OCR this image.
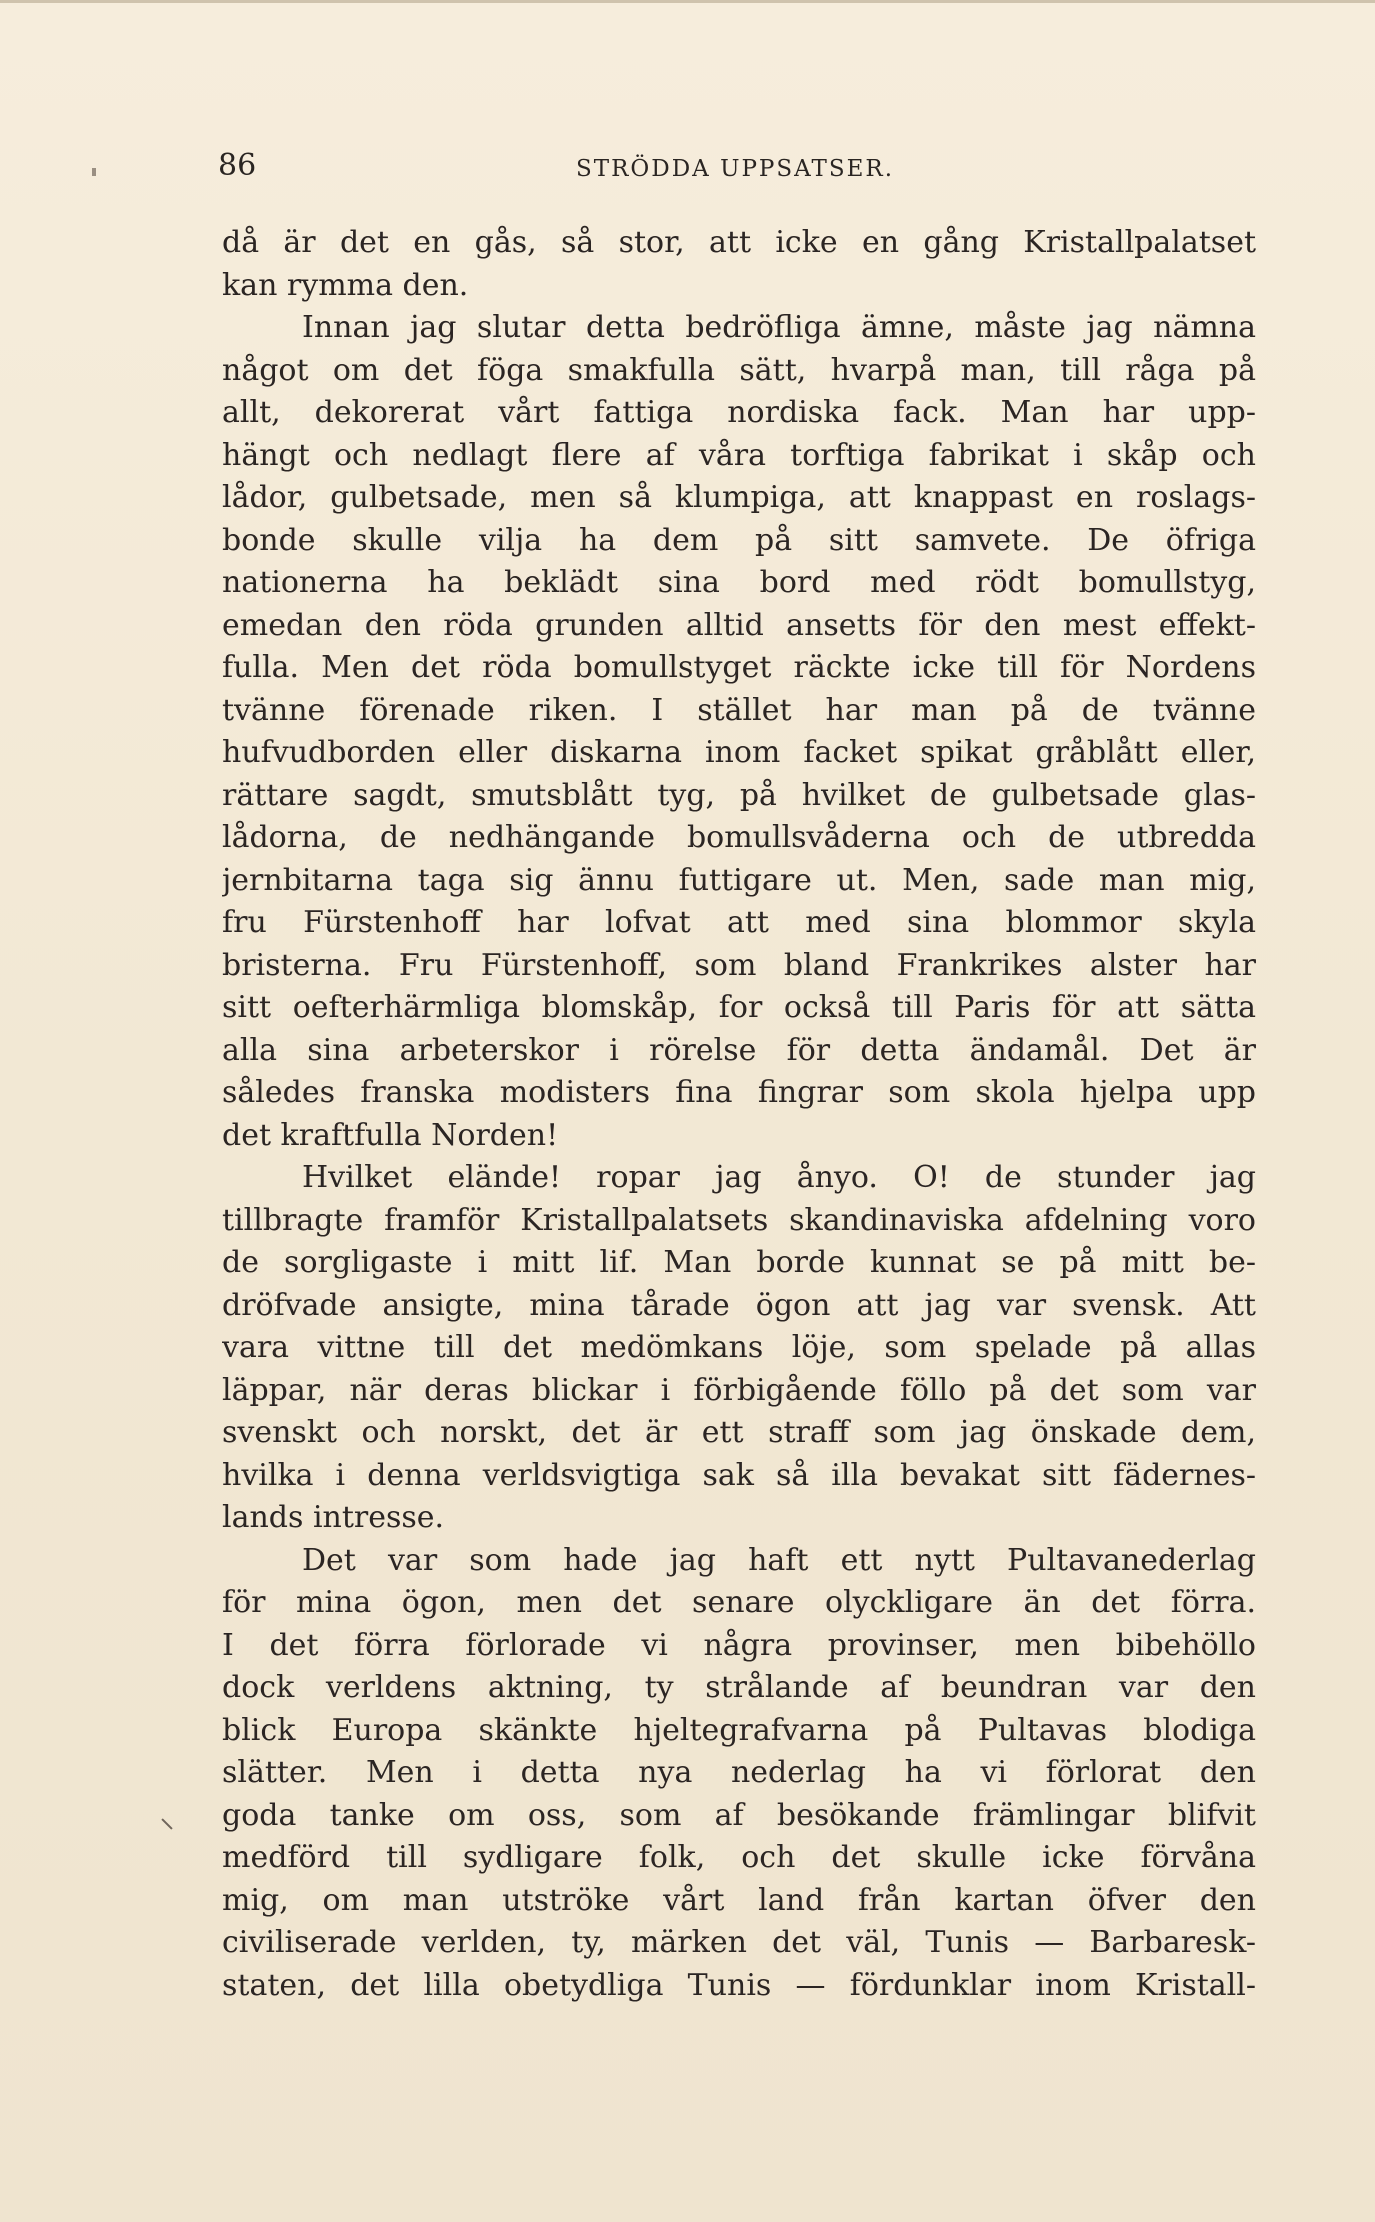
86	STRÖDDA UPPSATSER.
då är det en gås, så stor, att icke en gång Kristallpalatset
kan rymma den.
Innan jag slutar detta bedröfliga ämne, måste jag nämna
något om det föga smakfulla sätt, hvarpå man, till råga på
allt, dekorerat vårt fattiga nordiska fack. Man har upp-
hängt och nedlagt flere af våra torftiga fabrikat i skåp och
lådor, gulbetsade, men så klumpiga, att knappast en roslags-
bonde skulle vilja ha dem på sitt samvete. De öfriga
nationerna ha beklädt sina bord med rödt bomullstyg,
emedan den röda grunden alltid ansetts för den mest effekt-
fulla. Men det röda bomullstyget räckte icke till för Nordens
tvänne förenade riken. I stället har man på de tvänne
hufvudborden eller diskarna inom facket spikat gråblått eller,
rättare sagdt, smutsblått tyg, på hvilket de gulbetsade glas-
lådorna, de nedhängande bomullsvåderna och de utbredda
jernbitarna taga sig ännu futtigare ut. Men, sade man mig,
fru Fürstenhoff har lofvat att med sina blommor skyla
bristerna. Fru Fürstenhoff, som bland Frankrikes alster har
sitt oefterhärmliga blomskåp, for också till Paris för att sätta
alla sina arbeterskor i rörelse för detta ändamål. Det är
således franska modisters fina fingrar som skola hjelpa upp
det kraftfulla Norden!
Hvilket elände! ropar jag ånyo. O! de stunder jag
tillbragte framför Kristallpalatsets skandinaviska afdelning voro
de sorgligaste i mitt lif. Man borde kunnat se på mitt be-
dröfvade ansigte, mina tårade ögon att jag var svensk. Att
vara vittne till det medömkans löje, som spelade på allas
läppar, när deras blickar i förbigående föllo på det som var
svenskt och norskt, det är ett straff som jag önskade dem,
hvilka i denna verldsvigtiga sak så illa bevakat sitt fädernes-
lands intresse.
Det var som hade jag haft ett nytt Pultavanederlag
för mina ögon, men det senare olyckligare än det förra.
I det förra förlorade vi några provinser, men bibehöllo
dock verldens aktning, ty strålande af beundran var den
blick Europa skänkte hjeltegrafvarna på Pultavas blodiga
slätter. Men i detta nya nederlag ha vi förlorat den
goda tanke om oss, som af besökande främlingar blifvit
medförd till sydligare folk, och det skulle icke förvåna
mig, om man utströke vårt land från kartan öfver den
civiliserade verlden, ty, märken det väl, Tunis — Barbaresk-
staten, det lilla obetydliga Tunis — fördunklar inom Kristall-
